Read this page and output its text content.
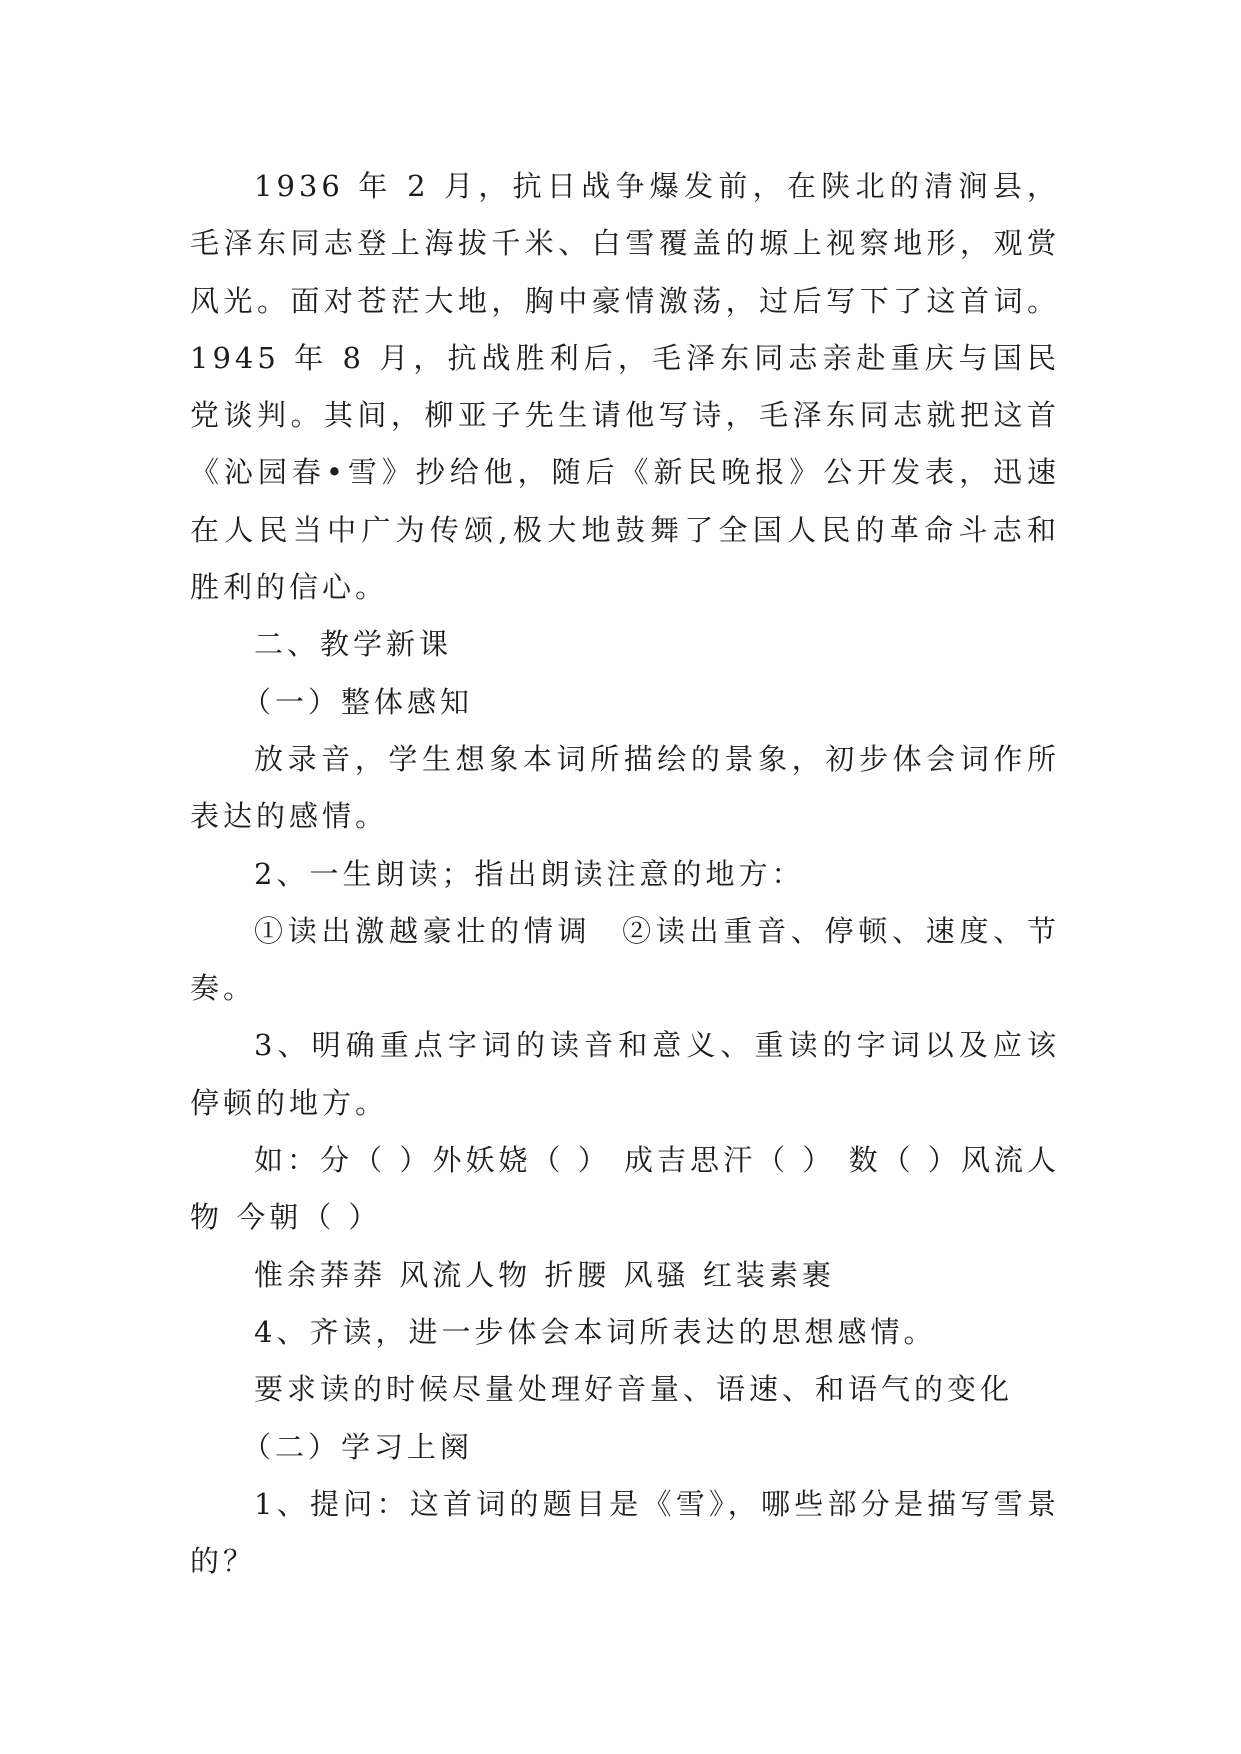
1936 年 2 月，抗日战争爆发前，在陕北的清涧县，毛泽东同志登上海拔千米、白雪覆盖的塬上视察地形，观赏风光。面对苍茫大地，胸中豪情激荡，过后写下了这首词。1945 年 8 月，抗战胜利后，毛泽东同志亲赴重庆与国民党谈判。其间，柳亚子先生请他写诗，毛泽东同志就把这首《沁园春•雪》抄给他，随后《新民晚报》公开发表，迅速在人民当中广为传颂,极大地鼓舞了全国人民的革命斗志和胜利的信心。

二、教学新课

（一）整体感知

放录音，学生想象本词所描绘的景象，初步体会词作所表达的感情。

2、一生朗读；指出朗读注意的地方：

①读出激越豪壮的情调 ②读出重音、停顿、速度、节奏。

3、明确重点字词的读音和意义、重读的字词以及应该停顿的地方。

如：分（ ）外妖娆（ ） 成吉思汗（ ） 数（ ）风流人物 今朝（ ）

惟余莽莽 风流人物 折腰 风骚 红装素裹

4、齐读，进一步体会本词所表达的思想感情。

要求读的时候尽量处理好音量、语速、和语气的变化

（二）学习上阕

1、提问：这首词的题目是《雪》，哪些部分是描写雪景的？
